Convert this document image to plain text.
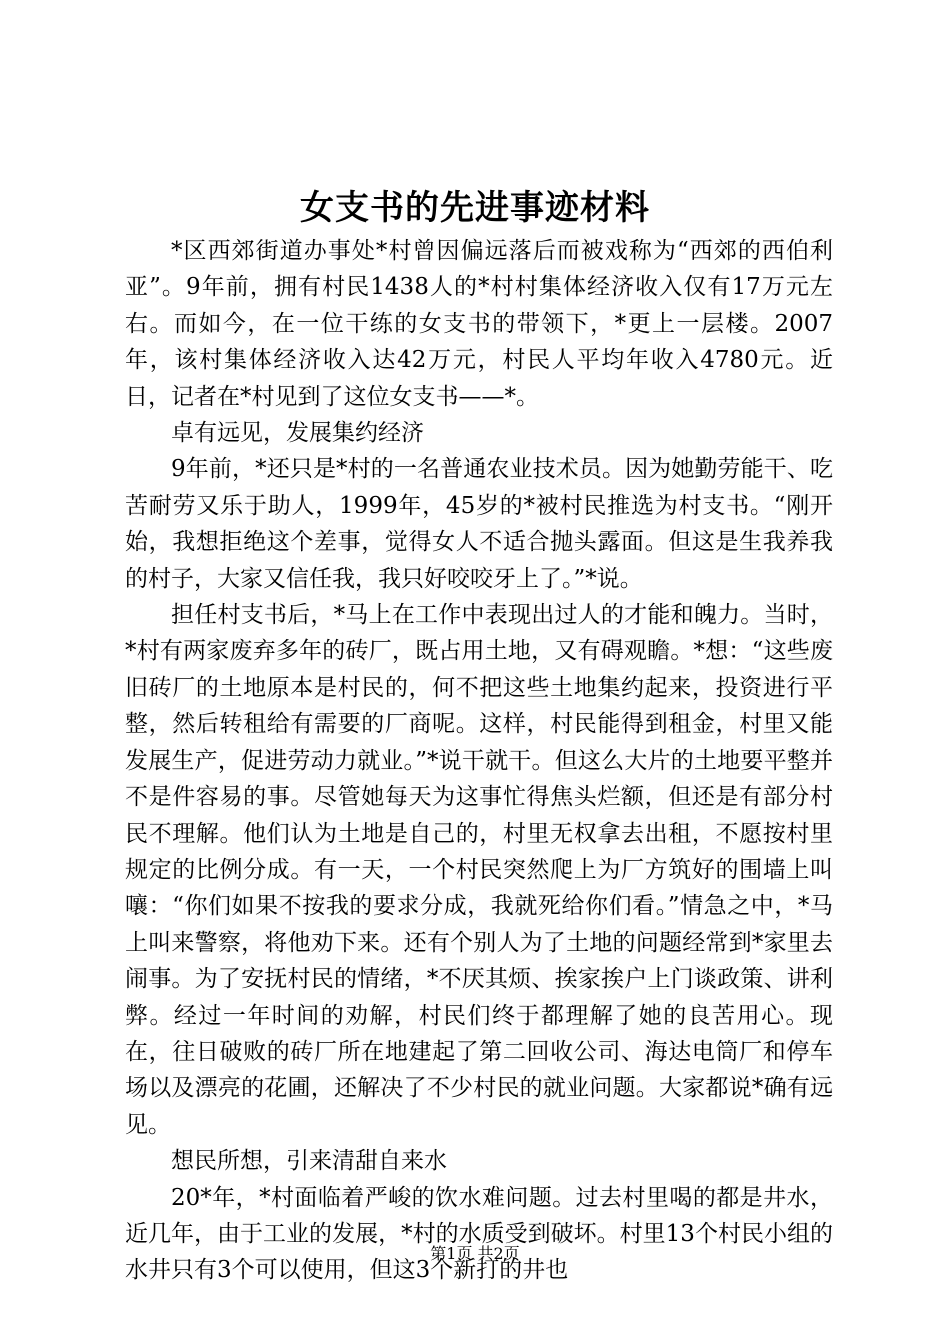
女支书的先进事迹材料

*区西郊街道办事处*村曾因偏远落后而被戏称为“西郊的西伯利亚”。9年前，拥有村民1438人的*村村集体经济收入仅有17万元左右。而如今，在一位干练的女支书的带领下，*更上一层楼。2007年，该村集体经济收入达42万元，村民人平均年收入4780元。近日，记者在*村见到了这位女支书——*。

卓有远见，发展集约经济

9年前，*还只是*村的一名普通农业技术员。因为她勤劳能干、吃苦耐劳又乐于助人，1999年，45岁的*被村民推选为村支书。“刚开始，我想拒绝这个差事，觉得女人不适合抛头露面。但这是生我养我的村子，大家又信任我，我只好咬咬牙上了。”*说。

担任村支书后，*马上在工作中表现出过人的才能和魄力。当时，*村有两家废弃多年的砖厂，既占用土地，又有碍观瞻。*想：“这些废旧砖厂的土地原本是村民的，何不把这些土地集约起来，投资进行平整，然后转租给有需要的厂商呢。这样，村民能得到租金，村里又能发展生产，促进劳动力就业。”*说干就干。但这么大片的土地要平整并不是件容易的事。尽管她每天为这事忙得焦头烂额，但还是有部分村民不理解。他们认为土地是自己的，村里无权拿去出租，不愿按村里规定的比例分成。有一天，一个村民突然爬上为厂方筑好的围墙上叫嚷：“你们如果不按我的要求分成，我就死给你们看。”情急之中，*马上叫来警察，将他劝下来。还有个别人为了土地的问题经常到*家里去闹事。为了安抚村民的情绪，*不厌其烦、挨家挨户上门谈政策、讲利弊。经过一年时间的劝解，村民们终于都理解了她的良苦用心。现在，往日破败的砖厂所在地建起了第二回收公司、海达电筒厂和停车场以及漂亮的花圃，还解决了不少村民的就业问题。大家都说*确有远见。

想民所想，引来清甜自来水

20*年，*村面临着严峻的饮水难问题。过去村里喝的都是井水，近几年，由于工业的发展，*村的水质受到破坏。村里13个村民小组的水井只有3个可以使用，但这3个新打的井也

第1页 共2页
